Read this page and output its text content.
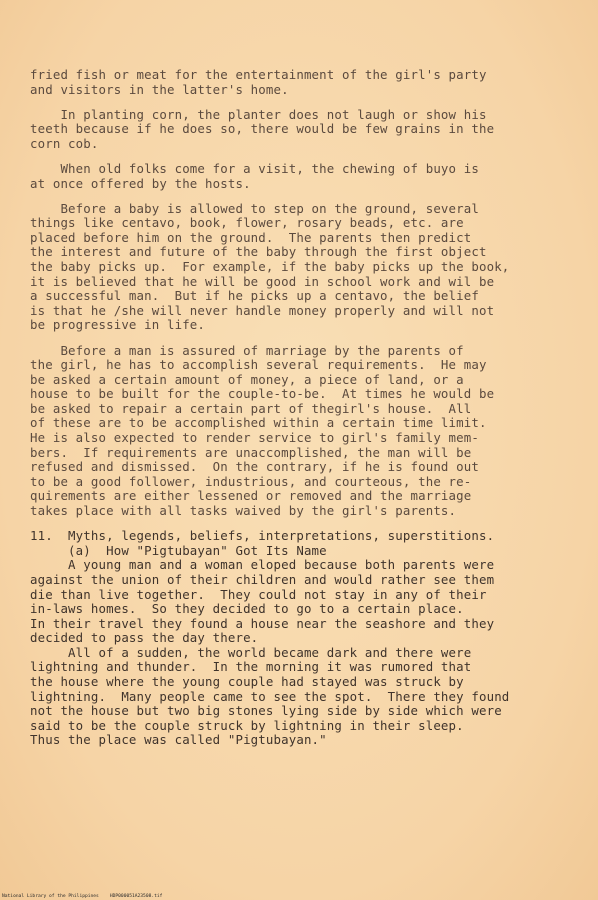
fried fish or meat for the entertainment of the girl's party
and visitors in the latter's home.
In planting corn, the planter does not laugh or show his
teeth because if he does so, there would be few grains in the
corn cob.
When old folks come for a visit, the chewing of buyo is
at once offered by the hosts.
Before a baby is allowed to step on the ground, several
things like centavo, book, flower, rosary beads, etc. are
placed before him on the ground.  The parents then predict
the interest and future of the baby through the first object
the baby picks up.  For example, if the baby picks up the book,
it is believed that he will be good in school work and wil be
a successful man.  But if he picks up a centavo, the belief
is that he /she will never handle money properly and will not
be progressive in life.
Before a man is assured of marriage by the parents of
the girl, he has to accomplish several requirements.  He may
be asked a certain amount of money, a piece of land, or a
house to be built for the couple-to-be.  At times he would be
be asked to repair a certain part of thegirl's house.  All
of these are to be accomplished within a certain time limit.
He is also expected to render service to girl's family mem-
bers.  If requirements are unaccomplished, the man will be
refused and dismissed.  On the contrary, if he is found out
to be a good follower, industrious, and courteous, the re-
quirements are either lessened or removed and the marriage
takes place with all tasks waived by the girl's parents.
11.  Myths, legends, beliefs, interpretations, superstitions.
(a)  How "Pigtubayan" Got Its Name
A young man and a woman eloped because both parents were
against the union of their children and would rather see them
die than live together.  They could not stay in any of their
in-laws homes.  So they decided to go to a certain place.
In their travel they found a house near the seashore and they
decided to pass the day there.
All of a sudden, the world became dark and there were
lightning and thunder.  In the morning it was rumored that
the house where the young couple had stayed was struck by
lightning.  Many people came to see the spot.  There they found
not the house but two big stones lying side by side which were
said to be the couple struck by lightning in their sleep.
Thus the place was called "Pigtubayan."
National Library of the Philippines    HDP000051A23508.tif
